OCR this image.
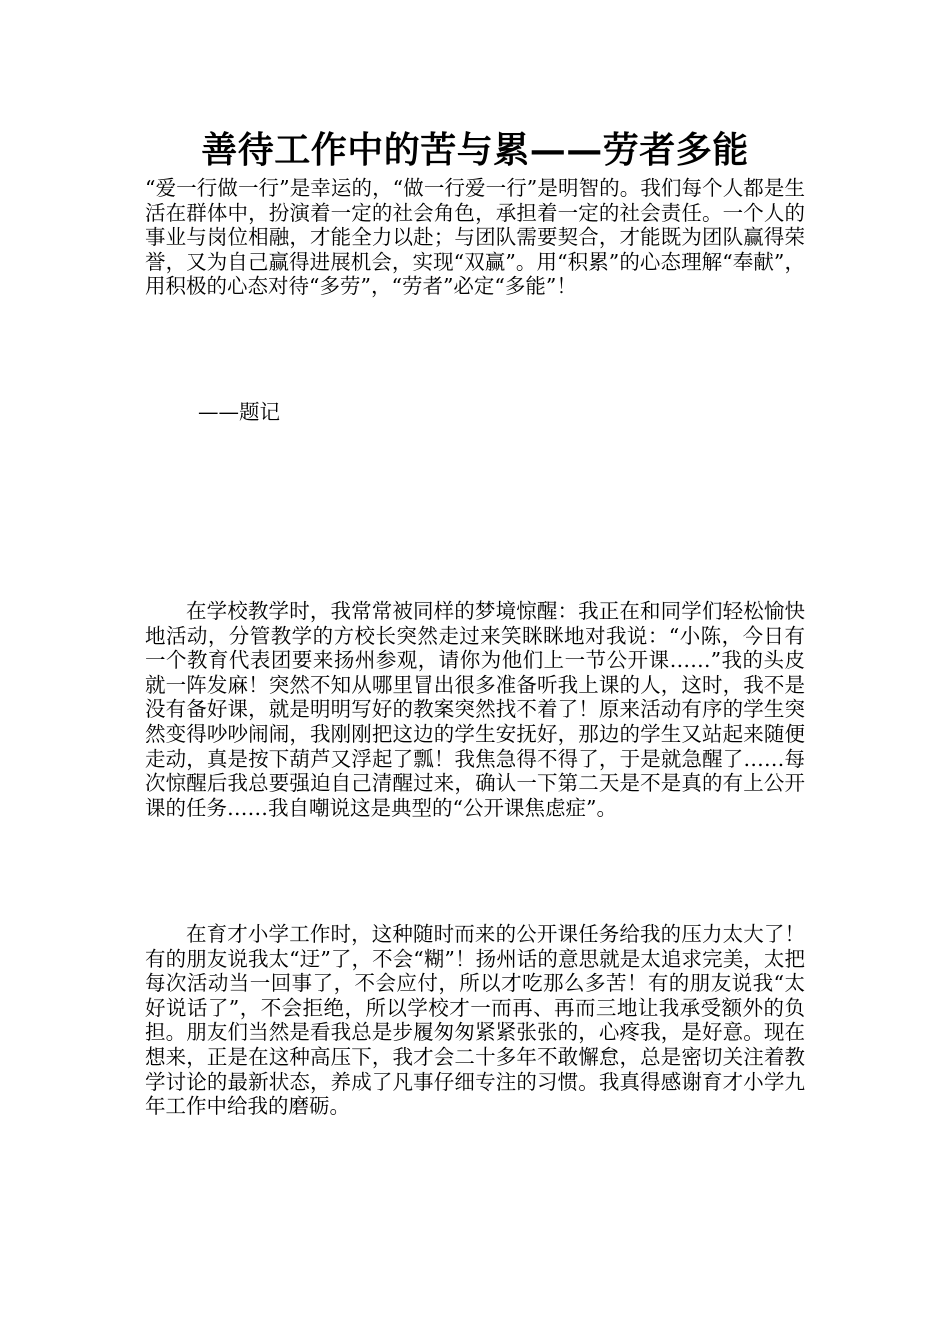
善待工作中的苦与累——劳者多能
“爱一行做一行”是幸运的，“做一行爱一行”是明智的。我们每个人都是生活在群体中，扮演着一定的社会角色，承担着一定的社会责任。一个人的事业与岗位相融，才能全力以赴；与团队需要契合，才能既为团队赢得荣誉，又为自己赢得进展机会，实现“双赢”。用“积累”的心态理解“奉献”，用积极的心态对待“多劳”，“劳者”必定“多能”！
——题记
在学校教学时，我常常被同样的梦境惊醒：我正在和同学们轻松愉快地活动，分管教学的方校长突然走过来笑眯眯地对我说：“小陈，今日有一个教育代表团要来扬州参观，请你为他们上一节公开课……”我的头皮就一阵发麻！突然不知从哪里冒出很多准备听我上课的人，这时，我不是没有备好课，就是明明写好的教案突然找不着了！原来活动有序的学生突然变得吵吵闹闹，我刚刚把这边的学生安抚好，那边的学生又站起来随便走动，真是按下葫芦又浮起了瓢！我焦急得不得了，于是就急醒了……每次惊醒后我总要强迫自己清醒过来，确认一下第二天是不是真的有上公开课的任务……我自嘲说这是典型的“公开课焦虑症”。
在育才小学工作时，这种随时而来的公开课任务给我的压力太大了！有的朋友说我太“迂”了，不会“糊”！扬州话的意思就是太追求完美，太把每次活动当一回事了，不会应付，所以才吃那么多苦！有的朋友说我“太好说话了”，不会拒绝，所以学校才一而再、再而三地让我承受额外的负担。朋友们当然是看我总是步履匆匆紧紧张张的，心疼我，是好意。现在想来，正是在这种高压下，我才会二十多年不敢懈怠，总是密切关注着教学讨论的最新状态，养成了凡事仔细专注的习惯。我真得感谢育才小学九年工作中给我的磨砺。
